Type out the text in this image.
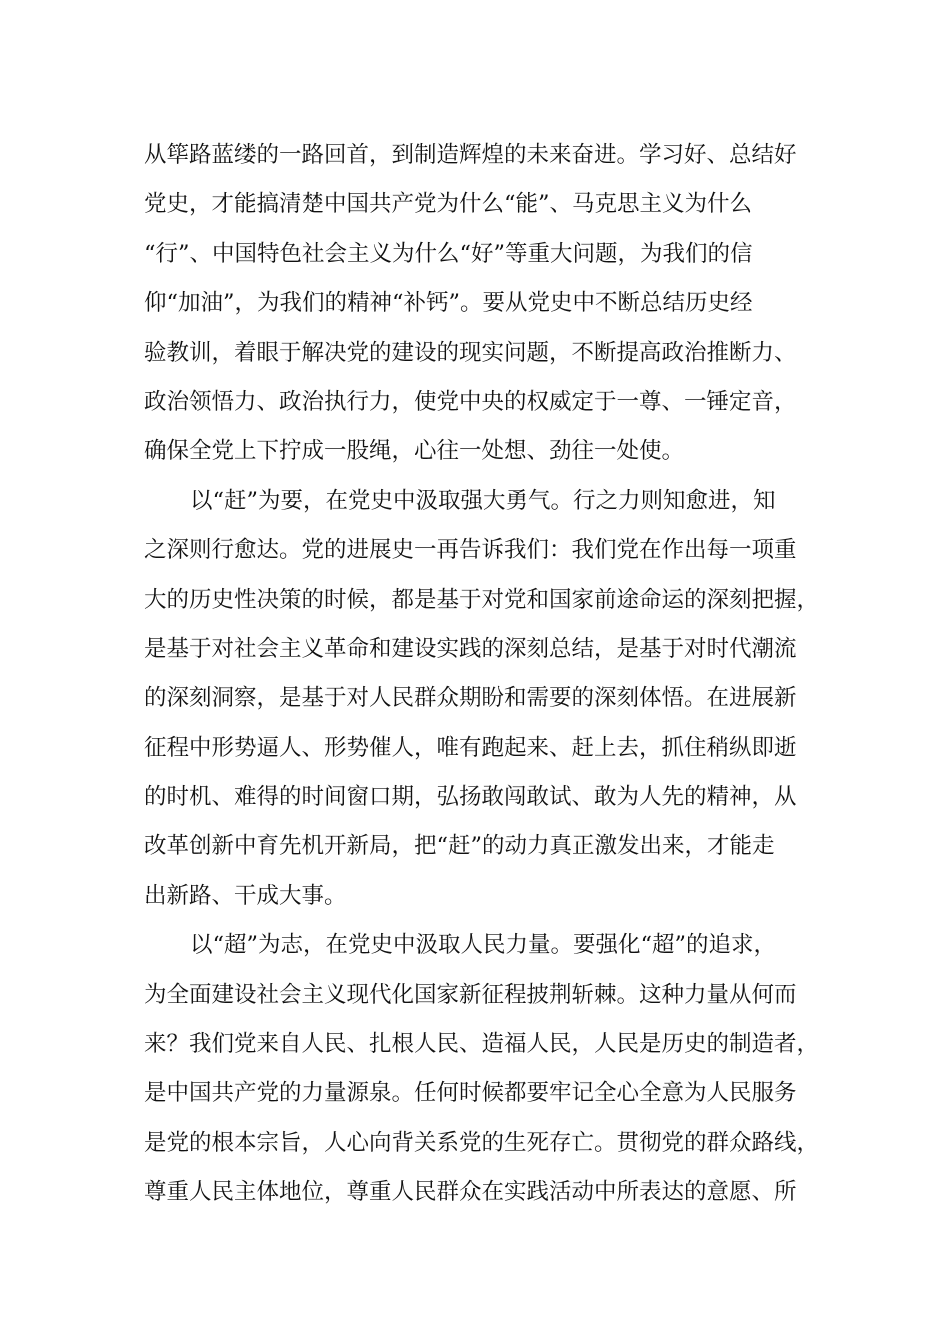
从筚路蓝缕的一路回首，到制造辉煌的未来奋进。学习好、总结好
党史，才能搞清楚中国共产党为什么“能”、马克思主义为什么
“行”、中国特色社会主义为什么“好”等重大问题，为我们的信
仰“加油”，为我们的精神“补钙”。要从党史中不断总结历史经
验教训，着眼于解决党的建设的现实问题，不断提高政治推断力、
政治领悟力、政治执行力，使党中央的权威定于一尊、一锤定音，
确保全党上下拧成一股绳，心往一处想、劲往一处使。
以“赶”为要，在党史中汲取强大勇气。行之力则知愈进，知
之深则行愈达。党的进展史一再告诉我们：我们党在作出每一项重
大的历史性决策的时候，都是基于对党和国家前途命运的深刻把握，
是基于对社会主义革命和建设实践的深刻总结，是基于对时代潮流
的深刻洞察，是基于对人民群众期盼和需要的深刻体悟。在进展新
征程中形势逼人、形势催人，唯有跑起来、赶上去，抓住稍纵即逝
的时机、难得的时间窗口期，弘扬敢闯敢试、敢为人先的精神，从
改革创新中育先机开新局，把“赶”的动力真正激发出来，才能走
出新路、干成大事。
以“超”为志，在党史中汲取人民力量。要强化“超”的追求，
为全面建设社会主义现代化国家新征程披荆斩棘。这种力量从何而
来？我们党来自人民、扎根人民、造福人民，人民是历史的制造者，
是中国共产党的力量源泉。任何时候都要牢记全心全意为人民服务
是党的根本宗旨，人心向背关系党的生死存亡。贯彻党的群众路线，
尊重人民主体地位，尊重人民群众在实践活动中所表达的意愿、所
